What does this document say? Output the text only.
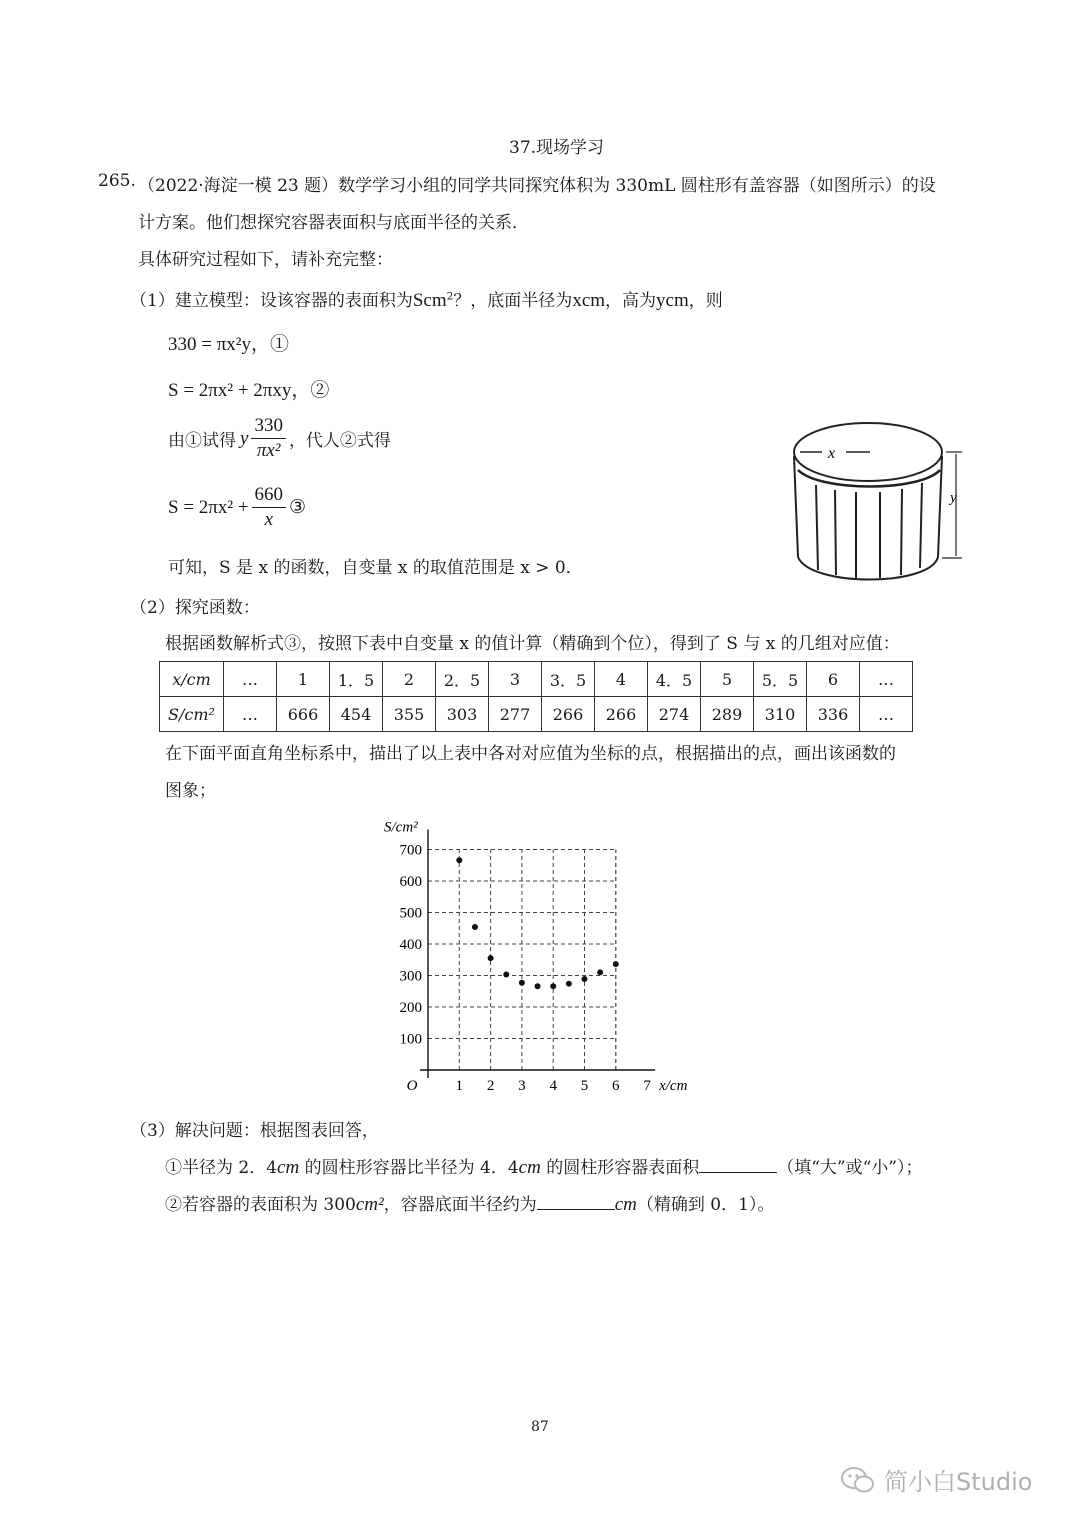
37.现场学习
265. （2022·海淀一模 23 题）数学学习小组的同学共同探究体积为 330mL 圆柱形有盖容器（如图所示）的设
计方案。他们想探究容器表面积与底面半径的关系．
具体研究过程如下，请补充完整：
（1）建立模型：设该容器的表面积为Scm$^2$？，底面半径为xcm，高为ycm，则
330 = πx²y，①
S = 2πx² + 2πxy，②
由①试得 y $\frac{330}{\text{πx²}}$ ，代人②式得
$S = 2\pi x^2 + \frac{660}{x}$ ③
可知，S 是 x 的函数，自变量 x 的取值范围是 x > 0．
x
y
（2）探究函数：
根据函数解析式③，按照下表中自变量 x 的值计算（精确到个位），得到了 S 与 x 的几组对应值：
x/cm	…	1	1．5	2	2．5	3	3．5	4	4．5	5	5．5	6	…
S/cm²	…	666	454	355	303	277	266	266	274	289	310	336	…
在下面平面直角坐标系中，描出了以上表中各对对应值为坐标的点，根据描出的点，画出该函数的
图象；
1 2 3 4 5 6 7
100
200
300
400
500
600
700
O	x/cm
S/cm²
（3）解决问题：根据图表回答，
①半径为 2．4cm 的圆柱形容器比半径为 4．4cm 的圆柱形容器表面积	（填“大”或“小”）；
②若容器的表面积为 300cm²，容器底面半径约为	cm（精确到 0．1）。
87
简小白Studio
